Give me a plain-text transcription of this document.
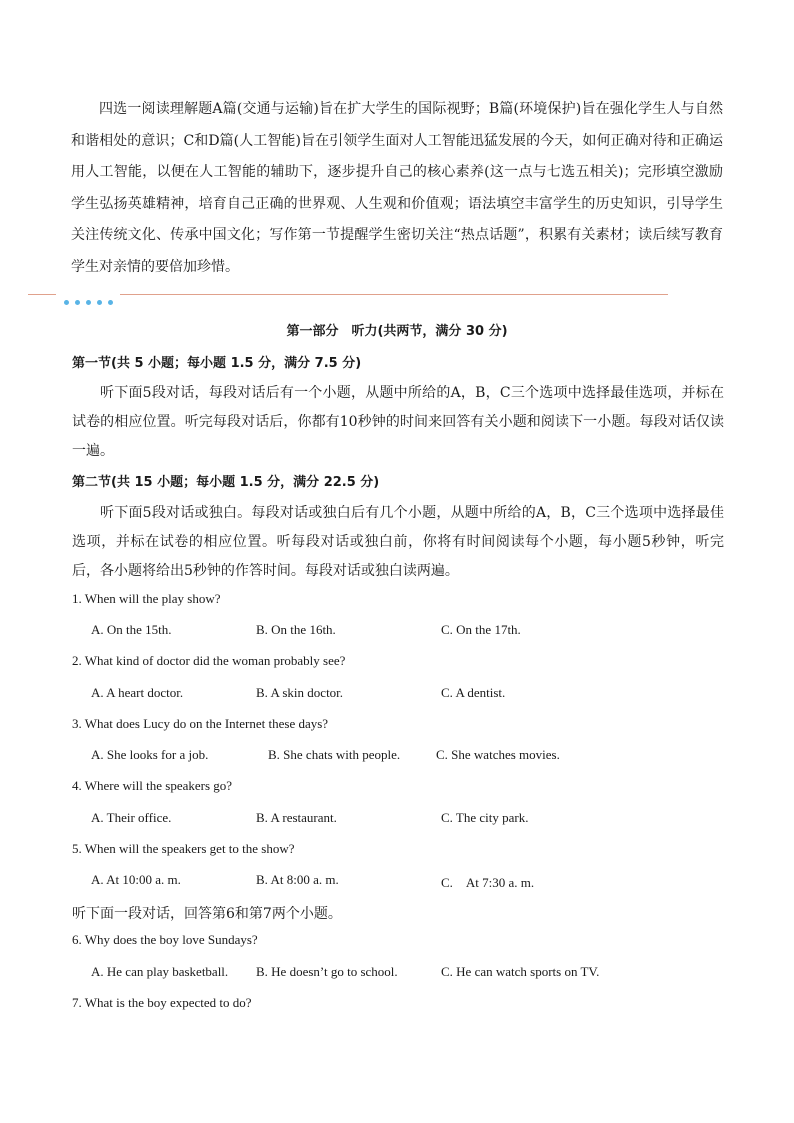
四选一阅读理解题A篇(交通与运输)旨在扩大学生的国际视野；B篇(环境保护)旨在强化学生人与自然和谐相处的意识；C和D篇(人工智能)旨在引领学生面对人工智能迅猛发展的今天，如何正确对待和正确运用人工智能，以便在人工智能的辅助下，逐步提升自己的核心素养(这一点与七选五相关)；完形填空激励学生弘扬英雄精神，培育自己正确的世界观、人生观和价值观；语法填空丰富学生的历史知识，引导学生关注传统文化、传承中国文化；写作第一节提醒学生密切关注“热点话题”，积累有关素材；读后续写教育学生对亲情的要倍加珍惜。
第一部分　听力(共两节，满分 30 分)
第一节(共 5 小题；每小题 1.5 分，满分 7.5 分)
听下面5段对话，每段对话后有一个小题，从题中所给的A，B，C三个选项中选择最佳选项，并标在试卷的相应位置。听完每段对话后，你都有10秒钟的时间来回答有关小题和阅读下一小题。每段对话仅读一遍。
第二节(共 15 小题；每小题 1.5 分，满分 22.5 分)
听下面5段对话或独白。每段对话或独白后有几个小题，从题中所给的A，B，C三个选项中选择最佳选项，并标在试卷的相应位置。听每段对话或独白前，你将有时间阅读每个小题，每小题5秒钟，听完后，各小题将给出5秒钟的作答时间。每段对话或独白读两遍。
1. When will the play show?
A. On the 15th.	B. On the 16th.	C. On the 17th.
2. What kind of doctor did the woman probably see?
A. A heart doctor.	B. A skin doctor.	C. A dentist.
3. What does Lucy do on the Internet these days?
A. She looks for a job.	B. She chats with people.	C. She watches movies.
4. Where will the speakers go?
A. Their office.	B. A restaurant.	C. The city park.
5. When will the speakers get to the show?
A. At 10:00 a. m.	B. At 8:00 a. m.	C.　At 7:30 a. m.
听下面一段对话，回答第6和第7两个小题。
6. Why does the boy love Sundays?
A. He can play basketball. B. He doesn’t go to school.	C. He can watch sports on TV.
7. What is the boy expected to do?
